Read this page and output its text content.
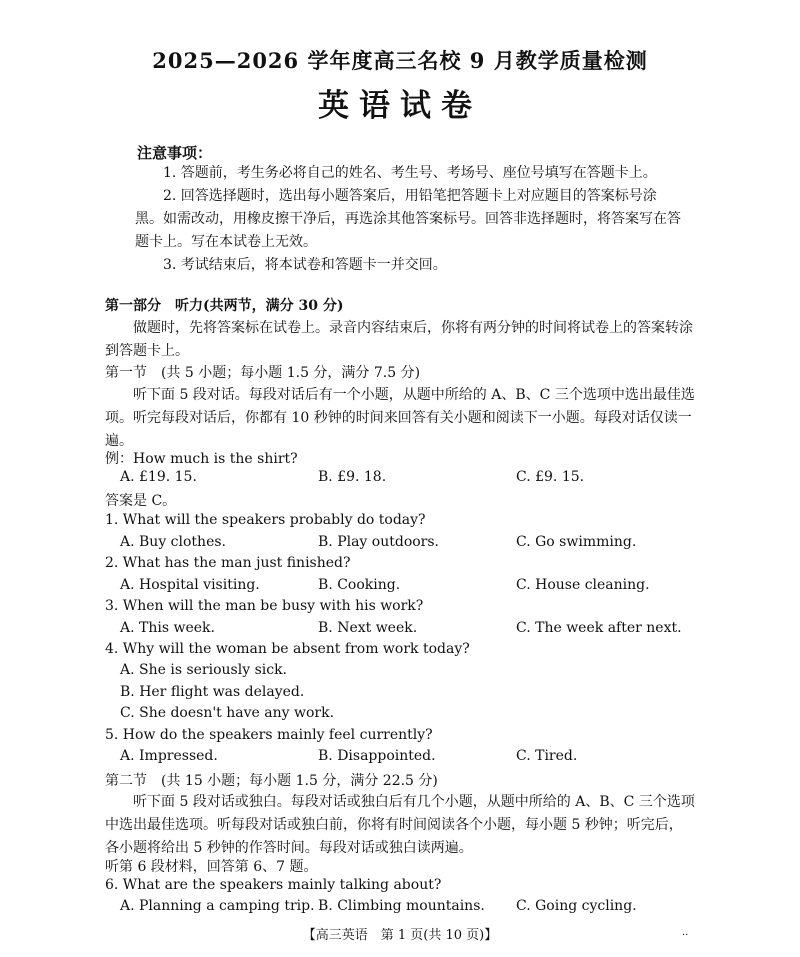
2025—2026 学年度高三名校 9 月教学质量检测
英语试卷
注意事项：

1. 答题前，考生务必将自己的姓名、考生号、考场号、座位号填写在答题卡上。

2. 回答选择题时，选出每小题答案后，用铅笔把答题卡上对应题目的答案标号涂黑。如需改动，用橡皮擦干净后，再选涂其他答案标号。回答非选择题时，将答案写在答题卡上。写在本试卷上无效。

3. 考试结束后，将本试卷和答题卡一并交回。

第一部分　听力(共两节，满分 30 分)

做题时，先将答案标在试卷上。录音内容结束后，你将有两分钟的时间将试卷上的答案转涂到答题卡上。

第一节　(共 5 小题；每小题 1.5 分，满分 7.5 分)

听下面 5 段对话。每段对话后有一个小题，从题中所给的 A、B、C 三个选项中选出最佳选项。听完每段对话后，你都有 10 秒钟的时间来回答有关小题和阅读下一小题。每段对话仅读一遍。

例：How much is the shirt?
A. £19. 15.	B. £9. 18.	C. £9. 15.
答案是 C。
1. What will the speakers probably do today?
A. Buy clothes.	B. Play outdoors.	C. Go swimming.
2. What has the man just finished?
A. Hospital visiting.	B. Cooking.	C. House cleaning.
3. When will the man be busy with his work?
A. This week.	B. Next week.	C. The week after next.
4. Why will the woman be absent from work today?
A. She is seriously sick.
B. Her flight was delayed.
C. She doesn't have any work.
5. How do the speakers mainly feel currently?
A. Impressed.	B. Disappointed.	C. Tired.
第二节　(共 15 小题；每小题 1.5 分，满分 22.5 分)

听下面 5 段对话或独白。每段对话或独白后有几个小题，从题中所给的 A、B、C 三个选项中选出最佳选项。听每段对话或独白前，你将有时间阅读各个小题，每小题 5 秒钟；听完后，各小题将给出 5 秒钟的作答时间。每段对话或独白读两遍。

听第 6 段材料，回答第 6、7 题。
6. What are the speakers mainly talking about?
A. Planning a camping trip. B. Climbing mountains. C. Going cycling.
【高三英语　第 1 页(共 10 页)】	··
